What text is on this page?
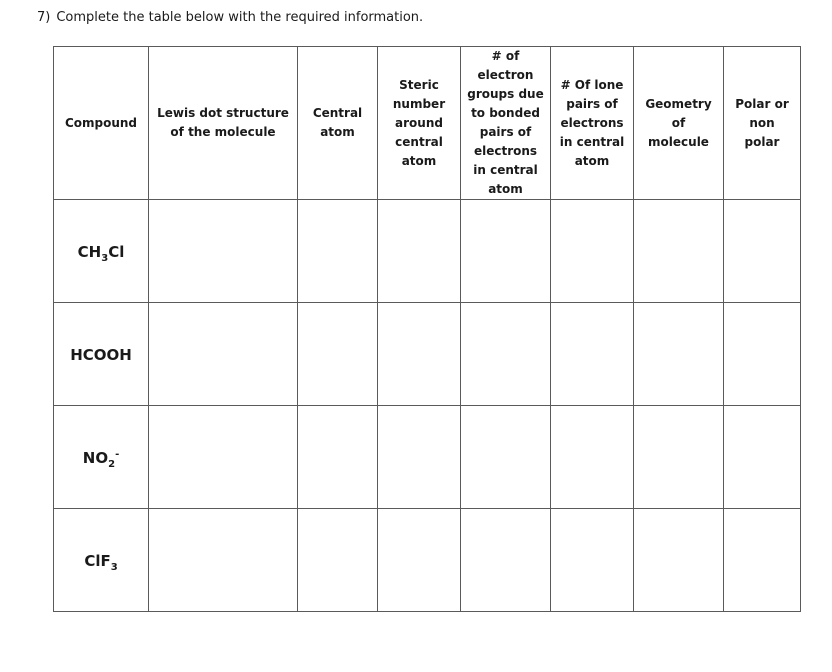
7) Complete the table below with the required information.
Compound	Lewis dot structure of the molecule	Central atom	Steric number around central atom	# of electron groups due to bonded pairs of electrons in central atom	# Of lone pairs of electrons in central atom	Geometry of molecule	Polar or non polar
$CH_3Cl$							
HCOOH							
$NO_2^-$							
ClF$_3$							
